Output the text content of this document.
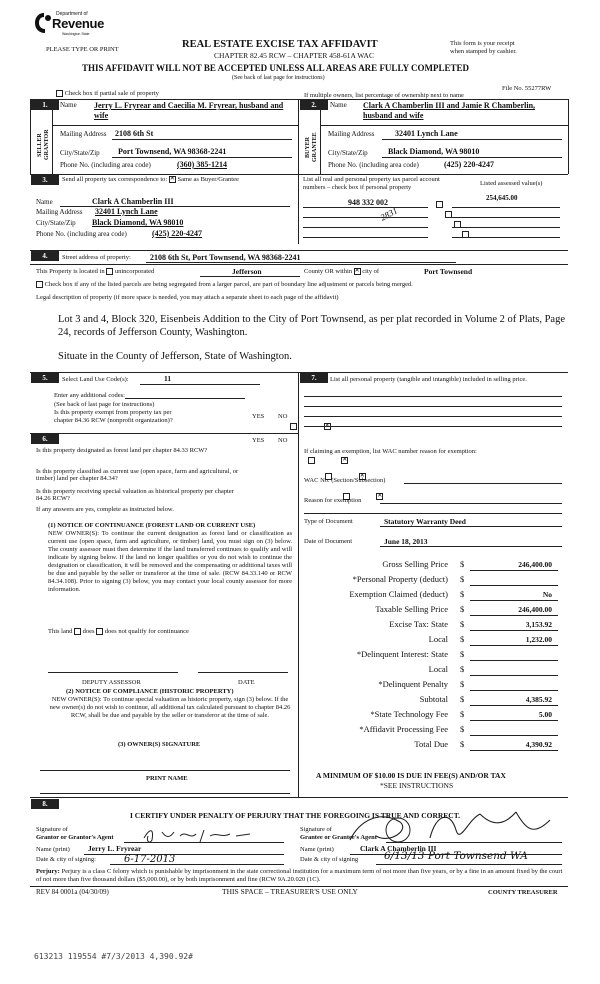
Department of
Revenue
Washington State
PLEASE TYPE OR PRINT	REAL ESTATE EXCISE TAX AFFIDAVIT
CHAPTER 82.45 RCW – CHAPTER 458-61A WAC
This form is your receipt
when stamped by cashier.
THIS AFFIDAVIT WILL NOT BE ACCEPTED UNLESS ALL AREAS ARE FULLY COMPLETED
(See back of last page for instructions)
File No. 55277RW
Check box if partial sale of property	If multiple owners, list percentage of ownership next to name
1.
SELLER GRANTOR
Name Jerry L. Fryrear and Caecilia M. Fryrear, husband and wife
Mailing Address 2108 6th St
City/State/Zip Port Townsend, WA 98368-2241
Phone No. (including area code)	(360) 385-1214
2.
BUYER GRANTEE
Name Clark A Chamberlin III and Jamie R Chamberlin, husband and wife
Mailing Address	32401 Lynch Lane
City/State/Zip	Black Diamond, WA 98010
Phone No. (including area code)	(425) 220-4247
3.	Send all property tax correspondence to: ✕ Same as Buyer/Grantee	List all real and personal property tax parcel account
numbers – check box if personal property
Listed assessed value(s)
Name	Clark A Chamberlin III
Mailing Address 32401 Lynch Lane
City/State/Zip Black Diamond, WA 98010
Phone No. (including area code)	(425) 220-4247
948 332 002	254,645.00
2831

4.	Street address of property: 2108 6th St, Port Townsend, WA 98368-2241
This Property is located in unincorporated	Jefferson	County OR within ✕ city of	Port Townsend
Check box if any of the listed parcels are being segregated from a larger parcel, are part of boundary line adjustment or parcels being merged.
Legal description of property (if more space is needed, you may attach a separate sheet to each page of the affidavit)
Lot 3 and 4, Block 320, Eisenbeis Addition to the City of Port Townsend, as per plat recorded in Volume 2 of Plats, Page 24, records of Jefferson County, Washington.
Situate in the County of Jefferson, State of Washington.
5.	Select Land Use Code(s):	11
Enter any additional codes:
(See back of last page for instructions)
Is this property exempt from property tax per
chapter 84.36 RCW (nonprofit organization)?
YES NO
✕
6.	YES NO
Is this property designated as forest land per chapter 84.33 RCW?
✕
Is this property classified as current use (open space, farm and agricultural, or timber) land per chapter 84.34?
✕
Is this property receiving special valuation as historical property per chapter 84.26 RCW?
✕
If any answers are yes, complete as instructed below.
(1) NOTICE OF CONTINUANCE (FOREST LAND OR CURRENT USE)
NEW OWNER(S): To continue the current designation as forest land or classification as current use (open space, farm and agriculture, or timber) land, you must sign on (3) below. The county assessor must then determine if the land transferred continues to qualify and will indicate by signing below. If the land no longer qualifies or you do not wish to continue the designation or classification, it will be removed and the compensating or additional taxes will be due and payable by the seller or transferor at the time of sale. (RCW 84.33.140 or RCW 84.34.108). Prior to signing (3) below, you may contact your local county assessor for more information.
This land does does not qualify for continuance
DEPUTY ASSESSOR	DATE
(2) NOTICE OF COMPLIANCE (HISTORIC PROPERTY)
NEW OWNER(S): To continue special valuation as historic property, sign (3) below. If the new owner(s) do not wish to continue, all additional tax calculated pursuant to chapter 84.26 RCW, shall be due and payable by the seller or transferor at the time of sale.
(3) OWNER(S) SIGNATURE
PRINT NAME
7.	List all personal property (tangible and intangible) included in selling price.
If claiming an exemption, list WAC number reason for exemption:
WAC No. (Section/Subsection)
Reason for exemption
Type of Document	Statutory Warranty Deed
Date of Document	June 18, 2013
Gross Selling Price $	246,400.00
*Personal Property (deduct) $
Exemption Claimed (deduct) $	No
Taxable Selling Price $	246,400.00
Excise Tax: State $	3,153.92
Local $	1,232.00
*Delinquent Interest: State $
Local $
*Delinquent Penalty $
Subtotal $	4,385.92
*State Technology Fee $	5.00
*Affidavit Processing Fee $
Total Due $	4,390.92
A MINIMUM OF $10.00 IS DUE IN FEE(S) AND/OR TAX
*SEE INSTRUCTIONS
8.
I CERTIFY UNDER PENALTY OF PERJURY THAT THE FOREGOING IS TRUE AND CORRECT.
Signature of
Grantor or Grantor's Agent
Name (print) Jerry L. Fryrear
Date & city of signing:	6-17-2013
Signature of
Grantee or Grantee's Agent
Name (print)	Clark A Chamberlin III
Date & city of signing 6/13/13 Port Townsend WA
Perjury: Perjury is a class C felony which is punishable by imprisonment in the state correctional institution for a maximum term of not more than five years, or by a fine in an amount fixed by the court of not more than five thousand dollars ($5,000.00), or by both imprisonment and fine (RCW 9A.20.020 (1C).
REV 84 0001a (04/30/09)	THIS SPACE – TREASURER'S USE ONLY	COUNTY TREASURER
613213 119554 #7/3/2013 4,390.92#
